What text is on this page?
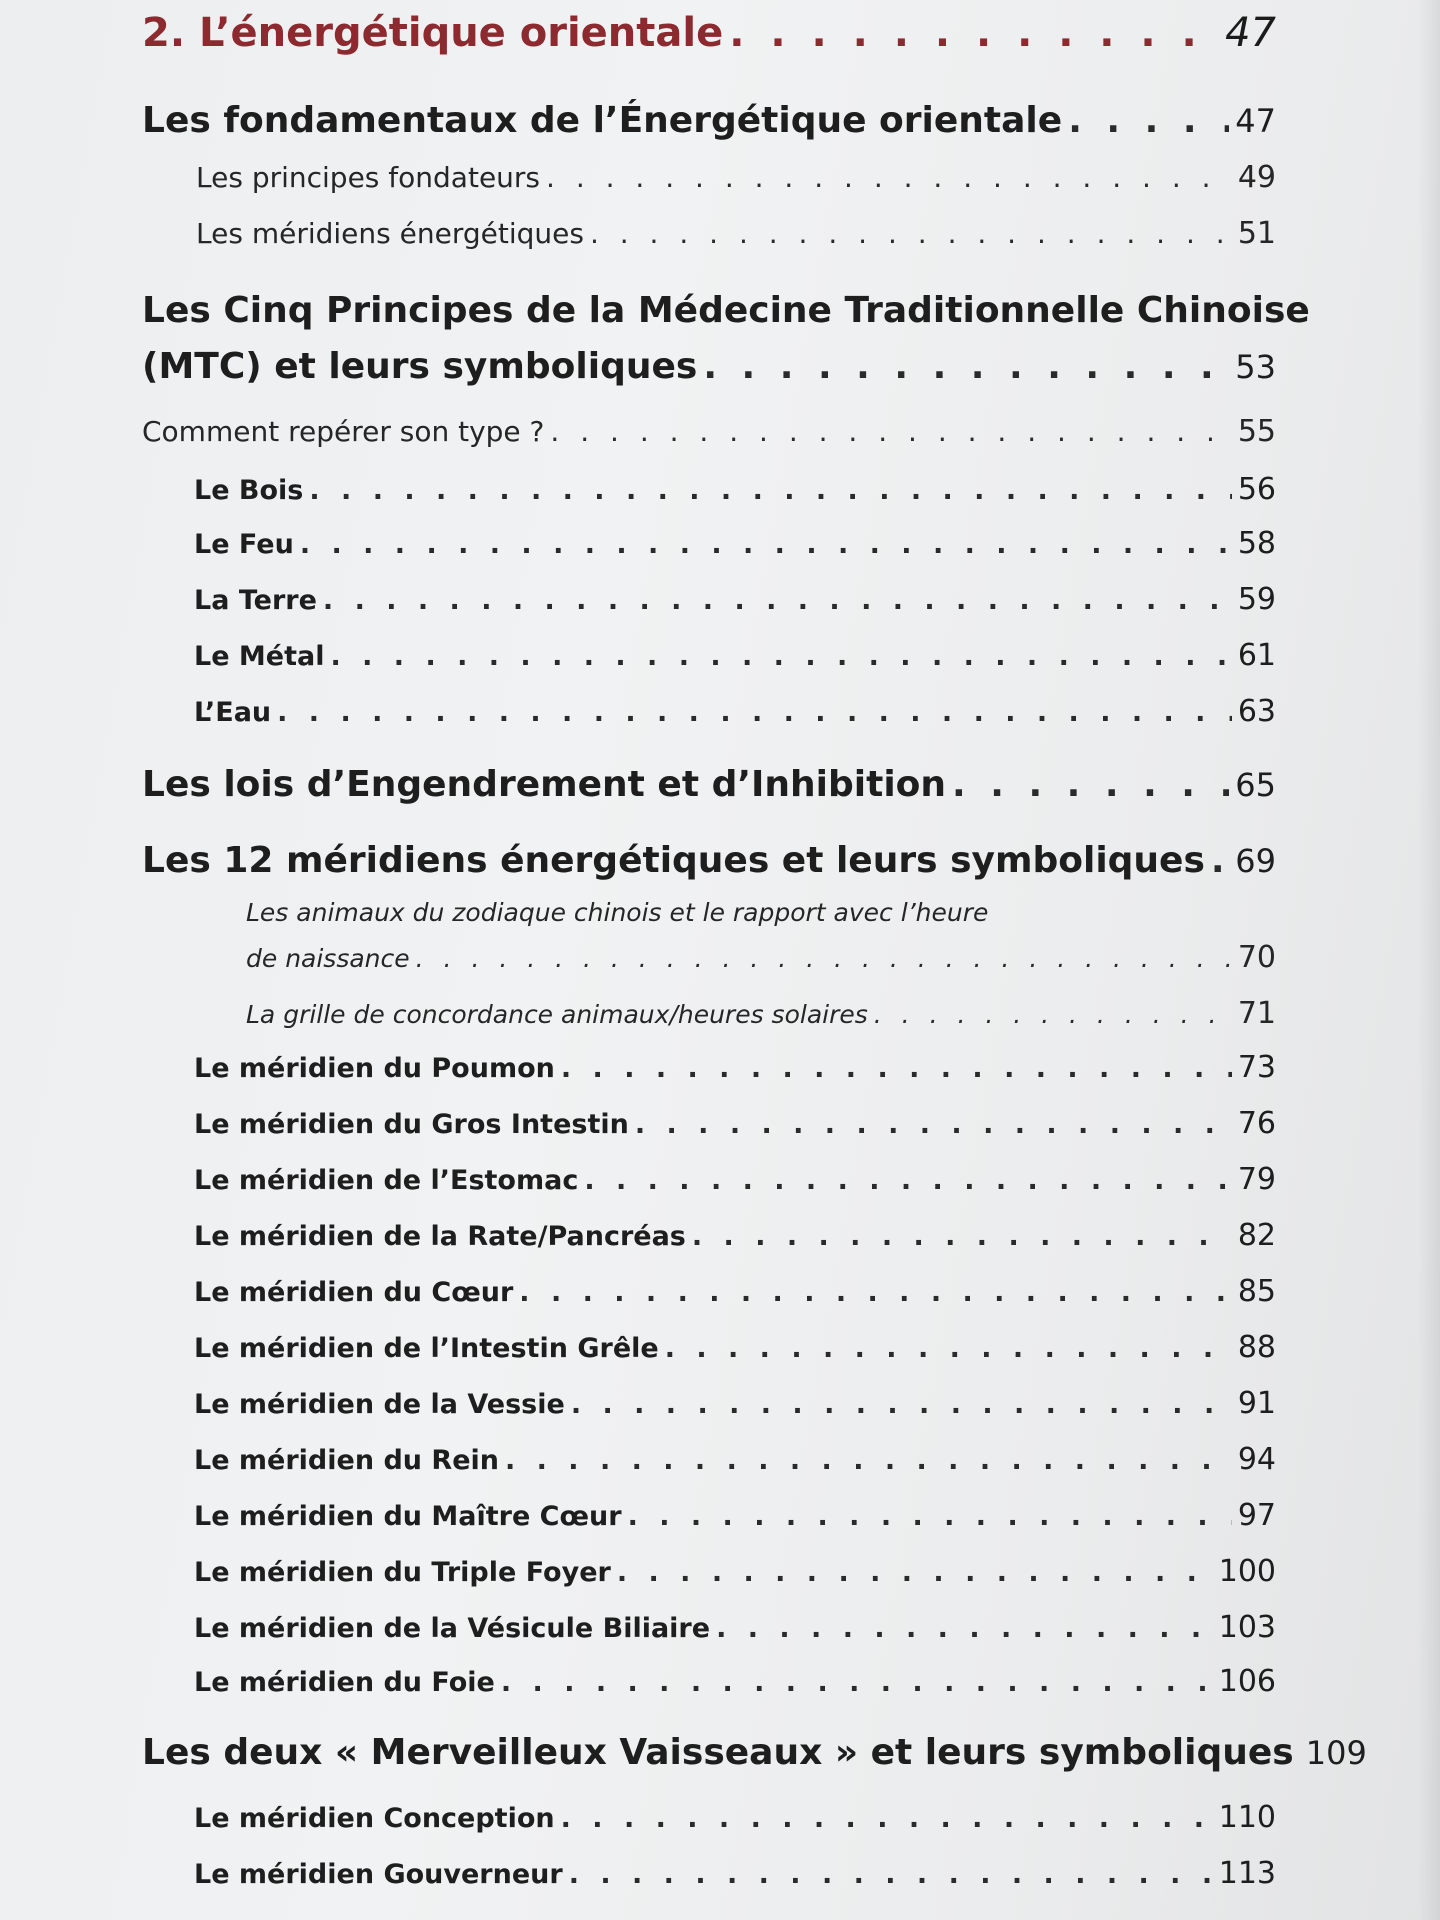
2. L’énergétique orientale . . .	47
Les fondamentaux de l’Énergétique orientale . . .	47
Les principes fondateurs . . .	49
Les méridiens énergétiques . . .	51
Les Cinq Principes de la Médecine Traditionnelle Chinoise
(MTC) et leurs symboliques . . .	53
Comment repérer son type ? . . .	55
Le Bois . . .	56
Le Feu . . .	58
La Terre . . .	59
Le Métal . . .	61
L’Eau . . .	63
Les lois d’Engendrement et d’Inhibition . . .	65
Les 12 méridiens énergétiques et leurs symboliques . . . 69
Les animaux du zodiaque chinois et le rapport avec l’heure
de naissance . . .	70
La grille de concordance animaux/heures solaires . . .	71
Le méridien du Poumon . . .	73
Le méridien du Gros Intestin . . .	76
Le méridien de l’Estomac . . .	79
Le méridien de la Rate/Pancréas . . .	82
Le méridien du Cœur . . .	85
Le méridien de l’Intestin Grêle . . .	88
Le méridien de la Vessie . . .	91
Le méridien du Rein . . .	94
Le méridien du Maître Cœur . . .	97
Le méridien du Triple Foyer . . .	100
Le méridien de la Vésicule Biliaire . . .	103
Le méridien du Foie . . .	106
Les deux « Merveilleux Vaisseaux » et leurs symboliques 109
Le méridien Conception . . .	110
Le méridien Gouverneur . . .	113
